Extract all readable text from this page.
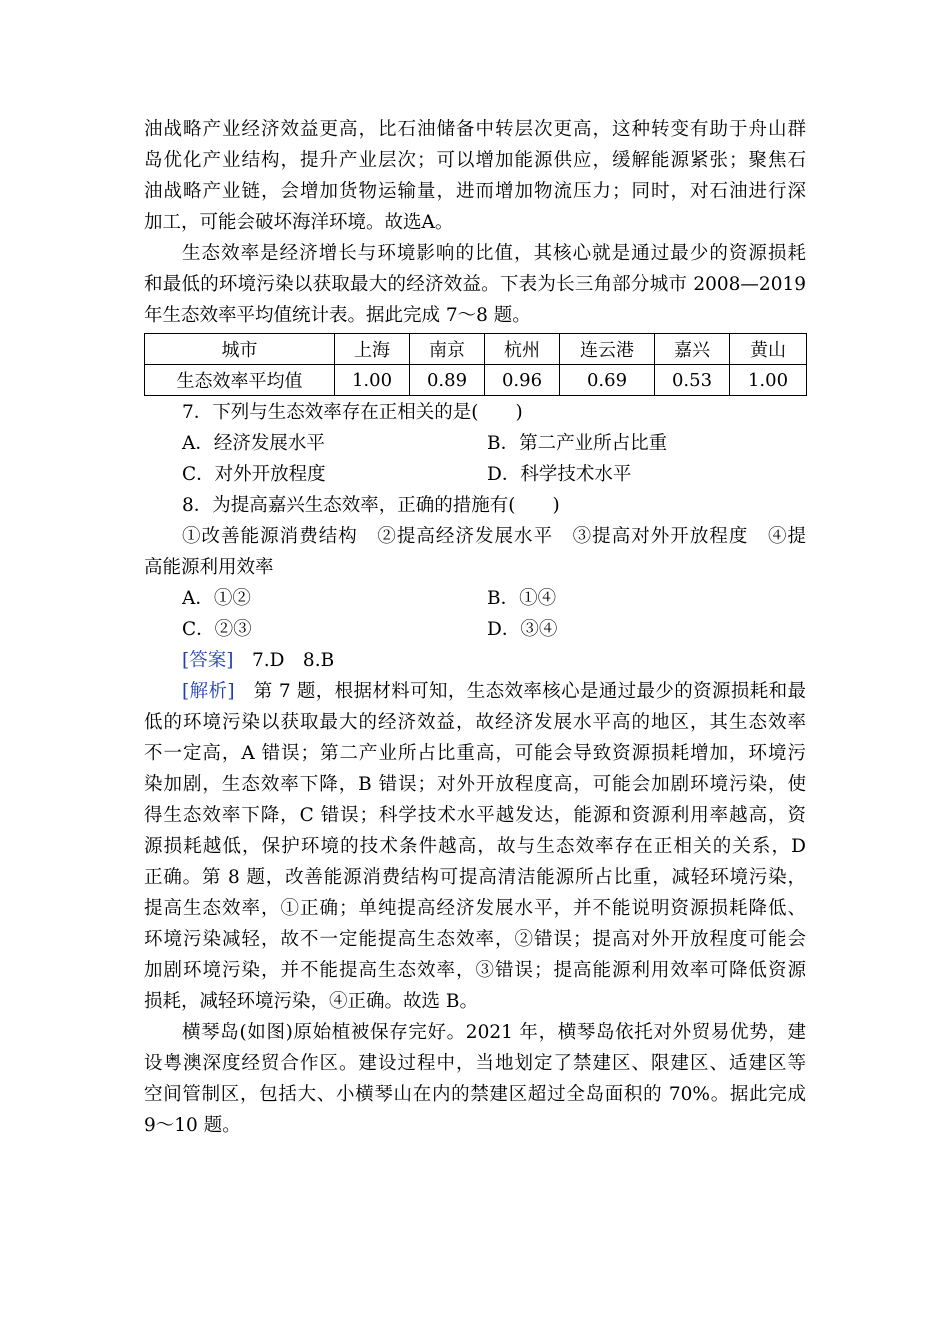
油战略产业经济效益更高，比石油储备中转层次更高，这种转变有助于舟山群
岛优化产业结构，提升产业层次；可以增加能源供应，缓解能源紧张；聚焦石
油战略产业链，会增加货物运输量，进而增加物流压力；同时，对石油进行深
加工，可能会破坏海洋环境。故选A。
生态效率是经济增长与环境影响的比值，其核心就是通过最少的资源损耗
和最低的环境污染以获取最大的经济效益。下表为长三角部分城市 2008—2019
年生态效率平均值统计表。据此完成 7～8 题。
城市	上海	南京	杭州	连云港	嘉兴	黄山
生态效率平均值	1.00	0.89	0.96	0.69	0.53	1.00
7．下列与生态效率存在正相关的是(　　)
A．经济发展水平	B．第二产业所占比重
C．对外开放程度	D．科学技术水平
8．为提高嘉兴生态效率，正确的措施有(　　)
①改善能源消费结构　②提高经济发展水平　③提高对外开放程度　④提
高能源利用效率
A．①②	B．①④
C．②③	D．③④
[答案]　7.D　8.B
[解析]　第 7 题，根据材料可知，生态效率核心是通过最少的资源损耗和最
低的环境污染以获取最大的经济效益，故经济发展水平高的地区，其生态效率
不一定高，A 错误；第二产业所占比重高，可能会导致资源损耗增加，环境污
染加剧，生态效率下降，B 错误；对外开放程度高，可能会加剧环境污染，使
得生态效率下降，C 错误；科学技术水平越发达，能源和资源利用率越高，资
源损耗越低，保护环境的技术条件越高，故与生态效率存在正相关的关系，D
正确。第 8 题，改善能源消费结构可提高清洁能源所占比重，减轻环境污染，
提高生态效率，①正确；单纯提高经济发展水平，并不能说明资源损耗降低、
环境污染减轻，故不一定能提高生态效率，②错误；提高对外开放程度可能会
加剧环境污染，并不能提高生态效率，③错误；提高能源利用效率可降低资源
损耗，减轻环境污染，④正确。故选 B。
横琴岛(如图)原始植被保存完好。2021 年，横琴岛依托对外贸易优势，建
设粤澳深度经贸合作区。建设过程中，当地划定了禁建区、限建区、适建区等
空间管制区，包括大、小横琴山在内的禁建区超过全岛面积的 70%。据此完成
9～10 题。
